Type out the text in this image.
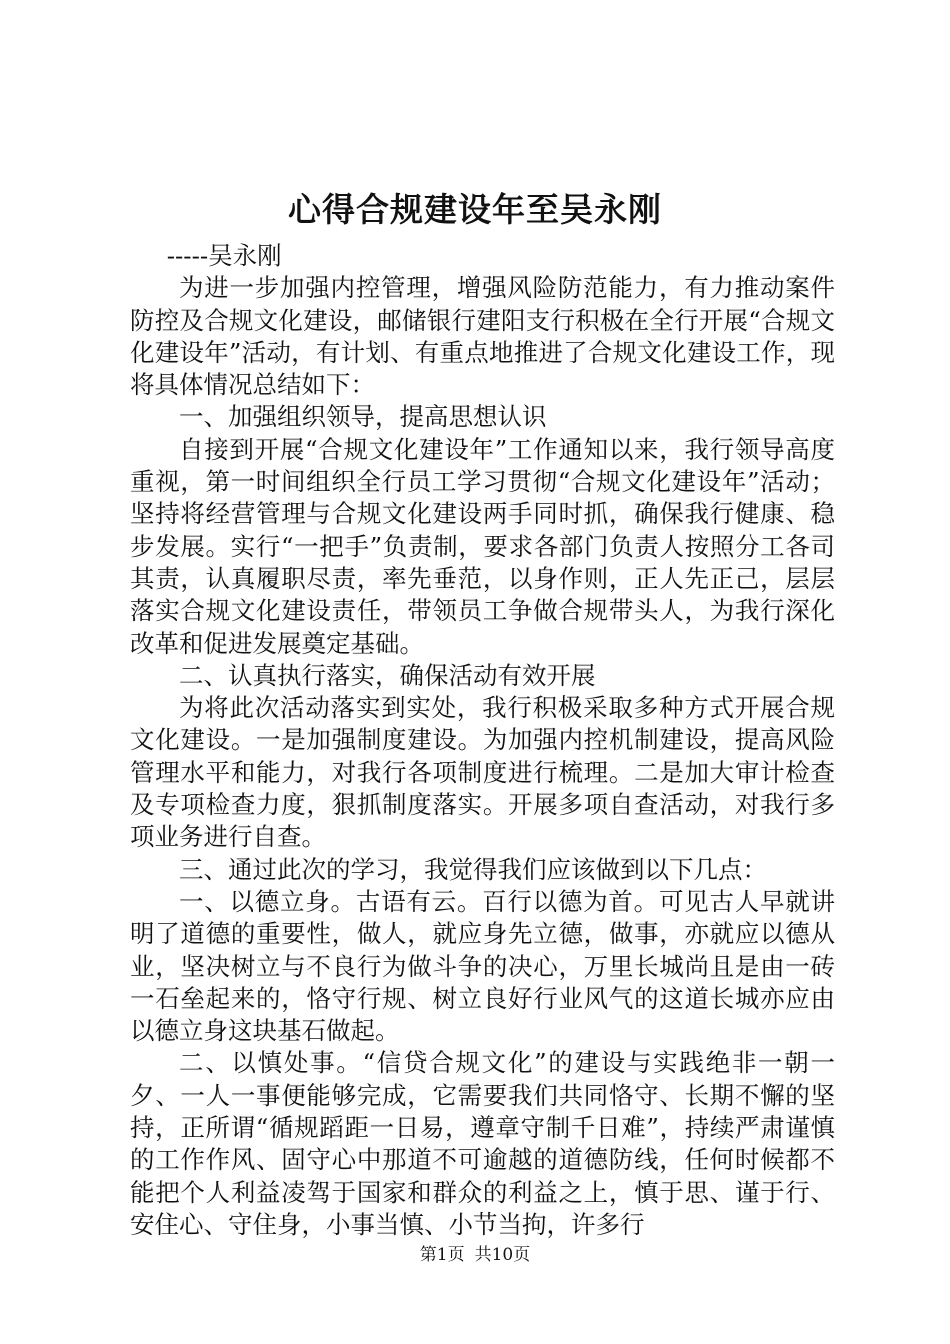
心得合规建设年至吴永刚

-----吴永刚

为进一步加强内控管理，增强风险防范能力，有力推动案件防控及合规文化建设，邮储银行建阳支行积极在全行开展“合规文化建设年”活动，有计划、有重点地推进了合规文化建设工作，现将具体情况总结如下：

一、加强组织领导，提高思想认识

自接到开展“合规文化建设年”工作通知以来，我行领导高度重视，第一时间组织全行员工学习贯彻“合规文化建设年”活动；坚持将经营管理与合规文化建设两手同时抓，确保我行健康、稳步发展。实行“一把手”负责制，要求各部门负责人按照分工各司其责，认真履职尽责，率先垂范，以身作则，正人先正己，层层落实合规文化建设责任，带领员工争做合规带头人，为我行深化改革和促进发展奠定基础。

二、认真执行落实，确保活动有效开展

为将此次活动落实到实处，我行积极采取多种方式开展合规文化建设。一是加强制度建设。为加强内控机制建设，提高风险管理水平和能力，对我行各项制度进行梳理。二是加大审计检查及专项检查力度，狠抓制度落实。开展多项自查活动，对我行多项业务进行自查。

三、通过此次的学习，我觉得我们应该做到以下几点：

一、以德立身。古语有云。百行以德为首。可见古人早就讲明了道德的重要性，做人，就应身先立德，做事，亦就应以德从业，坚决树立与不良行为做斗争的决心，万里长城尚且是由一砖一石垒起来的，恪守行规、树立良好行业风气的这道长城亦应由以德立身这块基石做起。

二、以慎处事。“信贷合规文化”的建设与实践绝非一朝一夕、一人一事便能够完成，它需要我们共同恪守、长期不懈的坚持，正所谓“循规蹈距一日易，遵章守制千日难”，持续严肃谨慎的工作作风、固守心中那道不可逾越的道德防线，任何时候都不能把个人利益凌驾于国家和群众的利益之上，慎于思、谨于行、安住心、守住身，小事当慎、小节当拘，许多行

第1页 共10页
